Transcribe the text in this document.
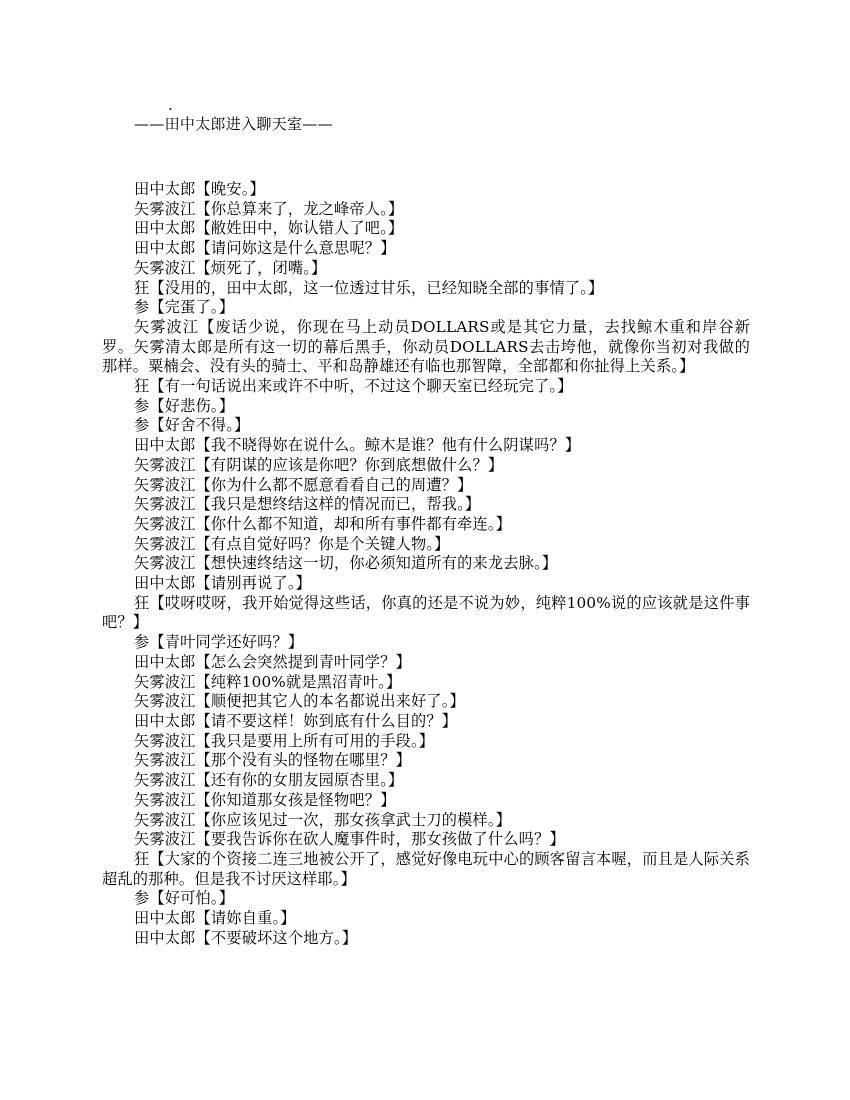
.

——田中太郎进入聊天室——

田中太郎【晚安。】

矢雾波江【你总算来了，龙之峰帝人。】

田中太郎【敝姓田中，妳认错人了吧。】

田中太郎【请问妳这是什么意思呢？】

矢雾波江【烦死了，闭嘴。】

狂【没用的，田中太郎，这一位透过甘乐，已经知晓全部的事情了。】

参【完蛋了。】

矢雾波江【废话少说，你现在马上动员DOLLARS或是其它力量，去找鲸木重和岸谷新罗。矢雾清太郎是所有这一切的幕后黑手，你动员DOLLARS去击垮他，就像你当初对我做的那样。粟楠会、没有头的骑士、平和岛静雄还有临也那智障，全部都和你扯得上关系。】

狂【有一句话说出来或许不中听，不过这个聊天室已经玩完了。】

参【好悲伤。】

参【好舍不得。】

田中太郎【我不晓得妳在说什么。鲸木是谁？他有什么阴谋吗？】

矢雾波江【有阴谋的应该是你吧？你到底想做什么？】

矢雾波江【你为什么都不愿意看看自己的周遭？】

矢雾波江【我只是想终结这样的情况而已，帮我。】

矢雾波江【你什么都不知道，却和所有事件都有牵连。】

矢雾波江【有点自觉好吗？你是个关键人物。】

矢雾波江【想快速终结这一切，你必须知道所有的来龙去脉。】

田中太郎【请别再说了。】

狂【哎呀哎呀，我开始觉得这些话，你真的还是不说为妙，纯粹100%说的应该就是这件事吧？】

参【青叶同学还好吗？】

田中太郎【怎么会突然提到青叶同学？】

矢雾波江【纯粹100%就是黑沼青叶。】

矢雾波江【顺便把其它人的本名都说出来好了。】

田中太郎【请不要这样！妳到底有什么目的？】

矢雾波江【我只是要用上所有可用的手段。】

矢雾波江【那个没有头的怪物在哪里？】

矢雾波江【还有你的女朋友园原杏里。】

矢雾波江【你知道那女孩是怪物吧？】

矢雾波江【你应该见过一次，那女孩拿武士刀的模样。】

矢雾波江【要我告诉你在砍人魔事件时，那女孩做了什么吗？】

狂【大家的个资接二连三地被公开了，感觉好像电玩中心的顾客留言本喔，而且是人际关系超乱的那种。但是我不讨厌这样耶。】

参【好可怕。】

田中太郎【请妳自重。】

田中太郎【不要破坏这个地方。】
